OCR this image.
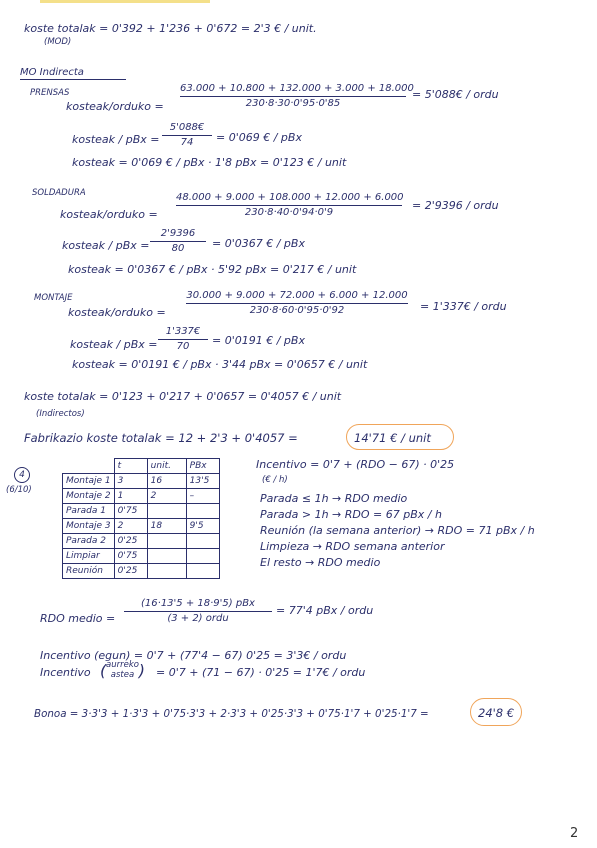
koste totalak = 0'392 + 1'236 + 0'672 = 2'3 € / unit.
(MOD)
MO Indirecta
PRENSAS
kosteak/orduko =
63.000 + 10.800 + 132.000 + 3.000 + 18.000
230·8·30·0'95·0'85
= 5'088€ / ordu
kosteak / pBx =
5'088€
74	= 0'069 € / pBx
kosteak = 0'069 € / pBx · 1'8 pBx = 0'123 € / unit
SOLDADURA
kosteak/orduko =
48.000 + 9.000 + 108.000 + 12.000 + 6.000
230·8·40·0'94·0'9
= 2'9396 / ordu
kosteak / pBx =
2'9396
80	= 0'0367 € / pBx
kosteak = 0'0367 € / pBx · 5'92 pBx = 0'217 € / unit
MONTAJE
kosteak/orduko =
30.000 + 9.000 + 72.000 + 6.000 + 12.000
230·8·60·0'95·0'92	= 1'337€ / ordu
kosteak / pBx =
1'337€
70	= 0'0191 € / pBx
kosteak = 0'0191 € / pBx · 3'44 pBx = 0'0657 € / unit
koste totalak = 0'123 + 0'217 + 0'0657 = 0'4057 € / unit
(Indirectos)
Fabrikazio koste totalak = 12 + 2'3 + 0'4057 =	14'71 € / unit
4
(6/10)
	t	unit.	PBx
Montaje 1	3	16	13'5
Montaje 2	1	2	–
Parada 1	0'75		
Montaje 3	2	18	9'5
Parada 2	0'25		
Limpiar	0'75		
Reunión	0'25		
Incentivo = 0'7 + (RDO − 67) · 0'25
(€ / h)
Parada ≤ 1h → RDO medio
Parada > 1h → RDO = 67 pBx / h
Reunión (la semana anterior) → RDO = 71 pBx / h
Limpieza → RDO semana anterior
El resto → RDO medio
RDO medio =
(16·13'5 + 18·9'5) pBx
(3 + 2) ordu
= 77'4 pBx / ordu
Incentivo (egun) = 0'7 + (77'4 − 67) 0'25 = 3'3€ / ordu
Incentivo ( aurreko
astea ) = 0'7 + (71 − 67) · 0'25 = 1'7€ / ordu
Bonoa = 3·3'3 + 1·3'3 + 0'75·3'3 + 2·3'3 + 0'25·3'3 + 0'75·1'7 + 0'25·1'7 =	24'8 €
2
